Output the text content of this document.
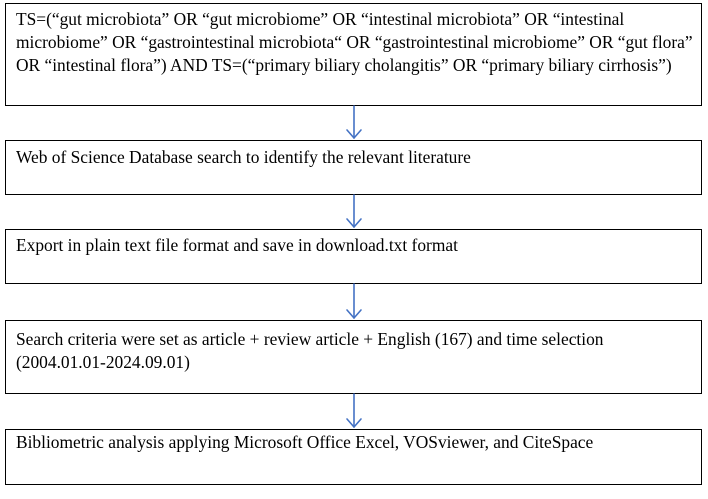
TS=(“gut microbiota” OR “gut microbiome” OR “intestinal microbiota” OR “intestinal microbiome” OR “gastrointestinal microbiota“ OR “gastrointestinal microbiome” OR “gut flora” OR “intestinal flora”) AND TS=(“primary biliary cholangitis” OR “primary biliary cirrhosis”)
Web of Science Database search to identify the relevant literature
Export in plain text file format and save in download.txt format
Search criteria were set as article + review article + English (167) and time selection (2004.01.01-2024.09.01)
Bibliometric analysis applying Microsoft Office Excel, VOSviewer, and CiteSpace
